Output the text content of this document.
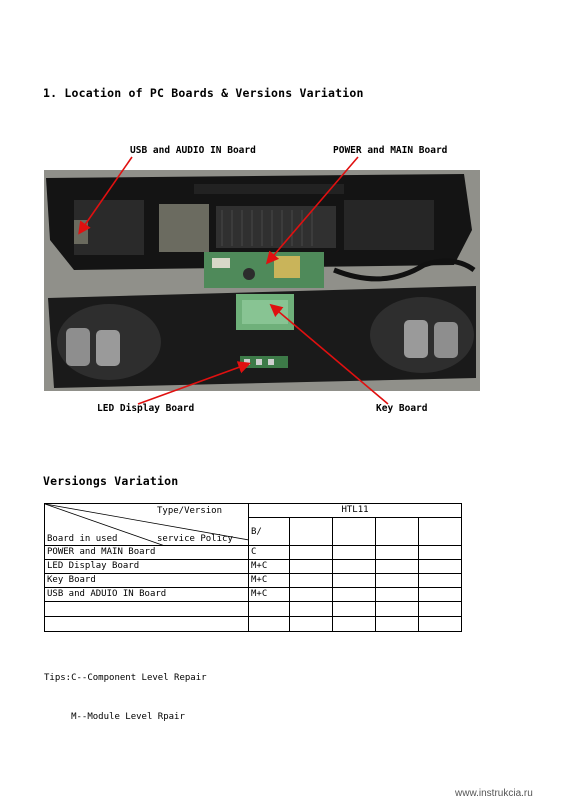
1. Location of PC Boards & Versions Variation
USB and AUDIO IN Board	POWER and MAIN Board
LED Display Board	Key Board
Versiongs Variation
Type/Version
Board in used service Policy	HTL11				
	B/				
POWER and MAIN Board	C				
LED Display Board	M+C				
Key Board	M+C				
USB and ADUIO IN Board	M+C				

Tips:C--Component Level Repair

M--Module Level Rpair

www.instrukcia.ru
